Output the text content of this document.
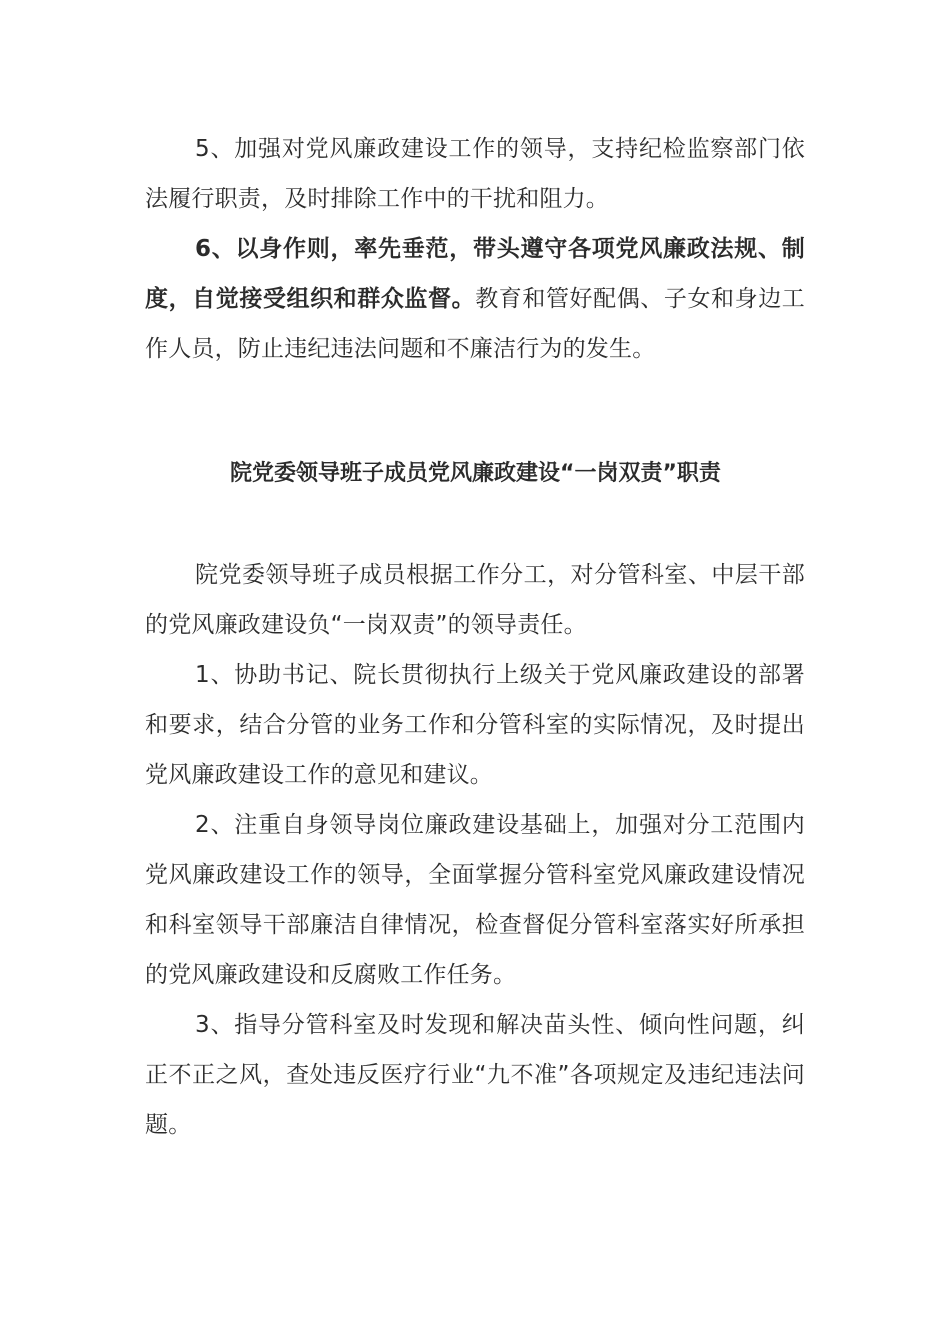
5、加强对党风廉政建设工作的领导，支持纪检监察部门依法履行职责，及时排除工作中的干扰和阻力。

6、以身作则，率先垂范，带头遵守各项党风廉政法规、制度，自觉接受组织和群众监督。教育和管好配偶、子女和身边工作人员，防止违纪违法问题和不廉洁行为的发生。

院党委领导班子成员党风廉政建设“一岗双责”职责

院党委领导班子成员根据工作分工，对分管科室、中层干部的党风廉政建设负“一岗双责”的领导责任。

1、协助书记、院长贯彻执行上级关于党风廉政建设的部署和要求，结合分管的业务工作和分管科室的实际情况，及时提出党风廉政建设工作的意见和建议。

2、注重自身领导岗位廉政建设基础上，加强对分工范围内党风廉政建设工作的领导，全面掌握分管科室党风廉政建设情况和科室领导干部廉洁自律情况，检查督促分管科室落实好所承担的党风廉政建设和反腐败工作任务。

3、指导分管科室及时发现和解决苗头性、倾向性问题，纠正不正之风，查处违反医疗行业“九不准”各项规定及违纪违法问题。
